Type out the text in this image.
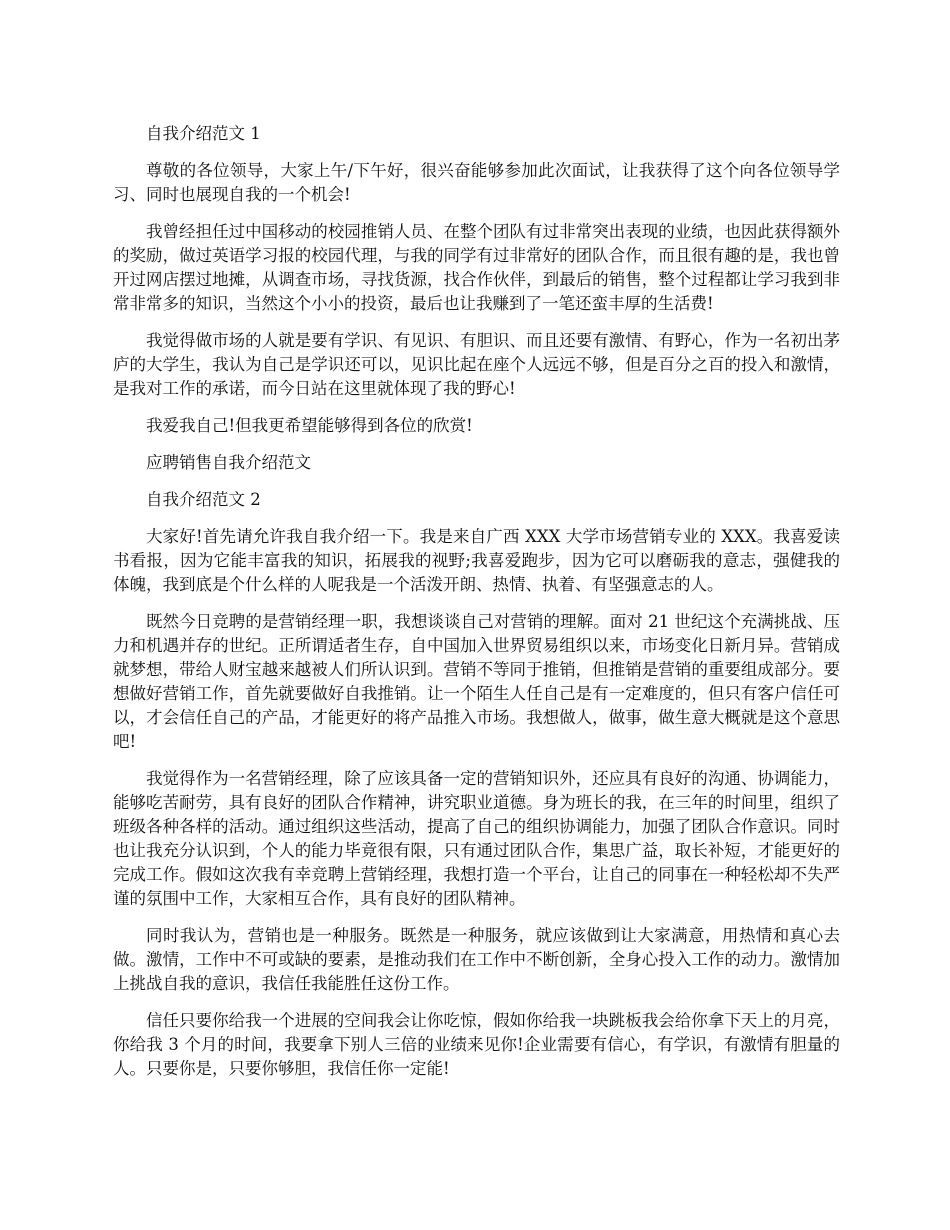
自我介绍范文 1

尊敬的各位领导，大家上午/下午好，很兴奋能够参加此次面试，让我获得了这个向各位领导学习、同时也展现自我的一个机会!

我曾经担任过中国移动的校园推销人员、在整个团队有过非常突出表现的业绩，也因此获得额外的奖励，做过英语学习报的校园代理，与我的同学有过非常好的团队合作，而且很有趣的是，我也曾开过网店摆过地摊，从调查市场，寻找货源，找合作伙伴，到最后的销售，整个过程都让学习我到非常非常多的知识，当然这个小小的投资，最后也让我赚到了一笔还蛮丰厚的生活费!

我觉得做市场的人就是要有学识、有见识、有胆识、而且还要有激情、有野心，作为一名初出茅庐的大学生，我认为自己是学识还可以，见识比起在座个人远远不够，但是百分之百的投入和激情，是我对工作的承诺，而今日站在这里就体现了我的野心!

我爱我自己!但我更希望能够得到各位的欣赏!

应聘销售自我介绍范文

自我介绍范文 2

大家好!首先请允许我自我介绍一下。我是来自广西 XXX 大学市场营销专业的 XXX。我喜爱读书看报，因为它能丰富我的知识，拓展我的视野;我喜爱跑步，因为它可以磨砺我的意志，强健我的体魄，我到底是个什么样的人呢我是一个活泼开朗、热情、执着、有坚强意志的人。

既然今日竞聘的是营销经理一职，我想谈谈自己对营销的理解。面对 21 世纪这个充满挑战、压力和机遇并存的世纪。正所谓适者生存，自中国加入世界贸易组织以来，市场变化日新月异。营销成就梦想，带给人财宝越来越被人们所认识到。营销不等同于推销，但推销是营销的重要组成部分。要想做好营销工作，首先就要做好自我推销。让一个陌生人任自己是有一定难度的，但只有客户信任可以，才会信任自己的产品，才能更好的将产品推入市场。我想做人，做事，做生意大概就是这个意思吧!

我觉得作为一名营销经理，除了应该具备一定的营销知识外，还应具有良好的沟通、协调能力，能够吃苦耐劳，具有良好的团队合作精神，讲究职业道德。身为班长的我，在三年的时间里，组织了班级各种各样的活动。通过组织这些活动，提高了自己的组织协调能力，加强了团队合作意识。同时也让我充分认识到，个人的能力毕竟很有限，只有通过团队合作，集思广益，取长补短，才能更好的完成工作。假如这次我有幸竞聘上营销经理，我想打造一个平台，让自己的同事在一种轻松却不失严谨的氛围中工作，大家相互合作，具有良好的团队精神。

同时我认为，营销也是一种服务。既然是一种服务，就应该做到让大家满意，用热情和真心去做。激情，工作中不可或缺的要素，是推动我们在工作中不断创新，全身心投入工作的动力。激情加上挑战自我的意识，我信任我能胜任这份工作。

信任只要你给我一个进展的空间我会让你吃惊，假如你给我一块跳板我会给你拿下天上的月亮，你给我 3 个月的时间，我要拿下别人三倍的业绩来见你!企业需要有信心，有学识，有激情有胆量的人。只要你是，只要你够胆，我信任你一定能!
